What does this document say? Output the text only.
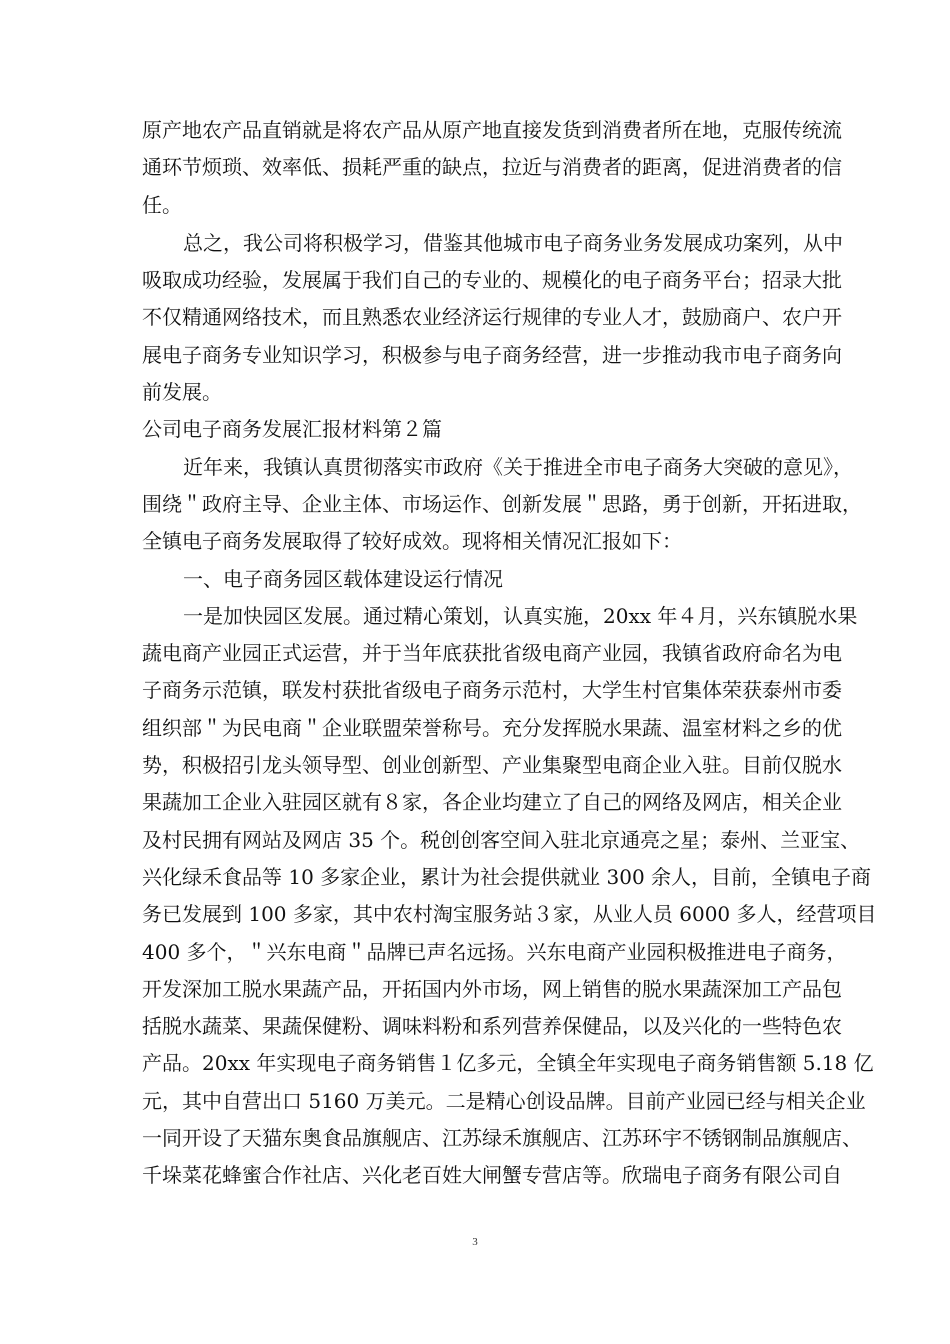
原产地农产品直销就是将农产品从原产地直接发货到消费者所在地，克服传统流
通环节烦琐、效率低、损耗严重的缺点，拉近与消费者的距离，促进消费者的信
任。
总之，我公司将积极学习，借鉴其他城市电子商务业务发展成功案列，从中
吸取成功经验，发展属于我们自己的专业的、规模化的电子商务平台；招录大批
不仅精通网络技术，而且熟悉农业经济运行规律的专业人才，鼓励商户、农户开
展电子商务专业知识学习，积极参与电子商务经营，进一步推动我市电子商务向
前发展。
公司电子商务发展汇报材料第２篇
近年来，我镇认真贯彻落实市政府《关于推进全市电子商务大突破的意见》，
围绕＂政府主导、企业主体、市场运作、创新发展＂思路，勇于创新，开拓进取，
全镇电子商务发展取得了较好成效。现将相关情况汇报如下：
一、电子商务园区载体建设运行情况
一是加快园区发展。通过精心策划，认真实施，20xx 年４月，兴东镇脱水果
蔬电商产业园正式运营，并于当年底获批省级电商产业园，我镇省政府命名为电
子商务示范镇，联发村获批省级电子商务示范村，大学生村官集体荣获泰州市委
组织部＂为民电商＂企业联盟荣誉称号。充分发挥脱水果蔬、温室材料之乡的优
势，积极招引龙头领导型、创业创新型、产业集聚型电商企业入驻。目前仅脱水
果蔬加工企业入驻园区就有８家，各企业均建立了自己的网络及网店，相关企业
及村民拥有网站及网店 35 个。税创创客空间入驻北京通亮之星；泰州、兰亚宝、
兴化绿禾食品等 10 多家企业，累计为社会提供就业 300 余人，目前，全镇电子商
务已发展到 100 多家，其中农村淘宝服务站３家，从业人员 6000 多人，经营项目
400 多个，＂兴东电商＂品牌已声名远扬。兴东电商产业园积极推进电子商务，
开发深加工脱水果蔬产品，开拓国内外市场，网上销售的脱水果蔬深加工产品包
括脱水蔬菜、果蔬保健粉、调味料粉和系列营养保健品，以及兴化的一些特色农
产品。20xx 年实现电子商务销售１亿多元，全镇全年实现电子商务销售额 5.18 亿
元，其中自营出口 5160 万美元。二是精心创设品牌。目前产业园已经与相关企业
一同开设了天猫东奥食品旗舰店、江苏绿禾旗舰店、江苏环宇不锈钢制品旗舰店、
千垛菜花蜂蜜合作社店、兴化老百姓大闸蟹专营店等。欣瑞电子商务有限公司自
3
